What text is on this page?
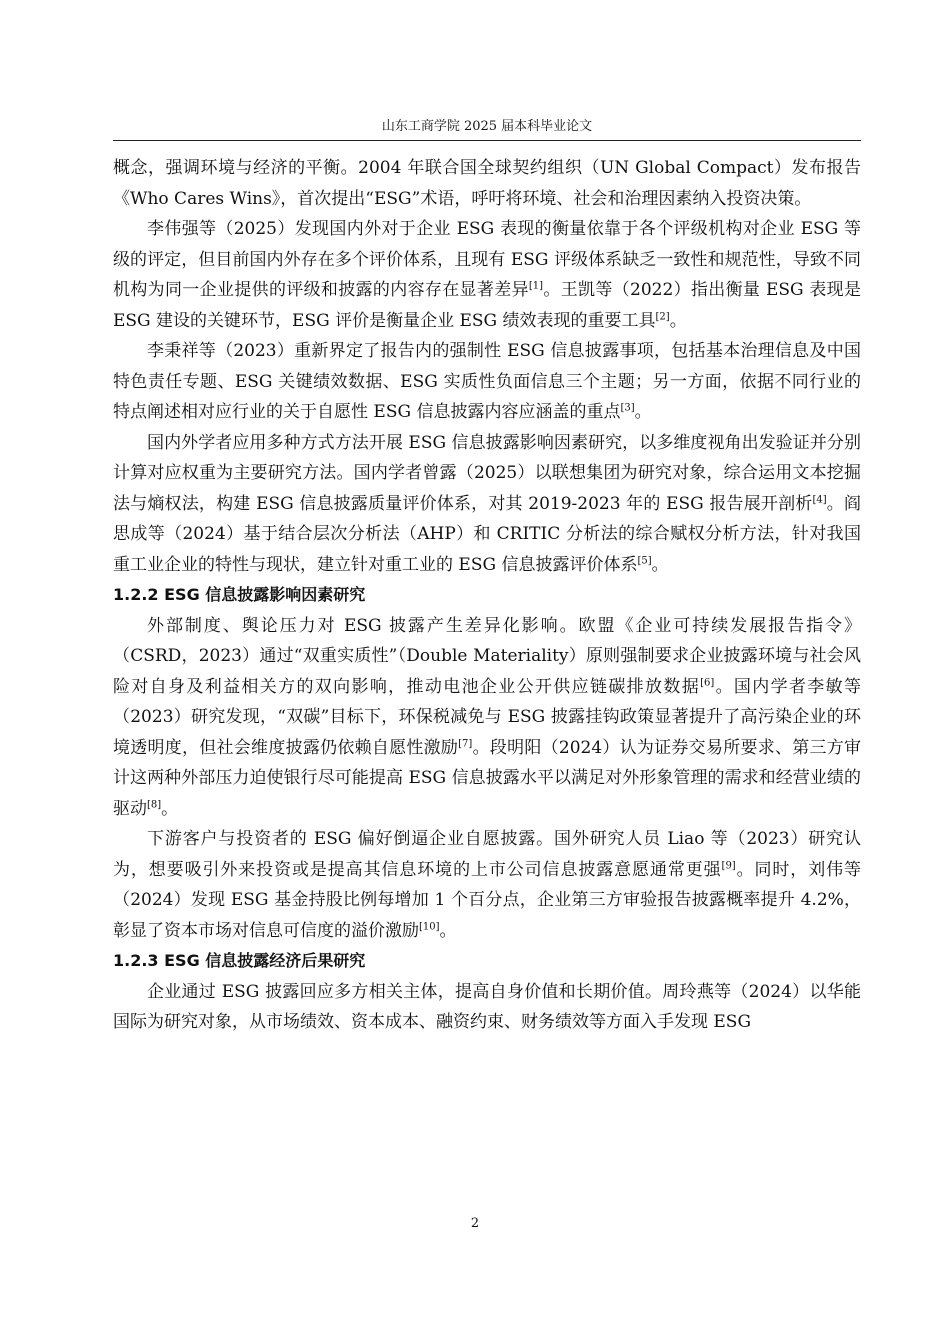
山东工商学院 2025 届本科毕业论文

概念，强调环境与经济的平衡。2004 年联合国全球契约组织（UN Global Compact）发布报告《Who Cares Wins》，首次提出“ESG”术语，呼吁将环境、社会和治理因素纳入投资决策。

李伟强等（2025）发现国内外对于企业 ESG 表现的衡量依靠于各个评级机构对企业 ESG 等级的评定，但目前国内外存在多个评价体系，且现有 ESG 评级体系缺乏一致性和规范性，导致不同机构为同一企业提供的评级和披露的内容存在显著差异[1]。王凯等（2022）指出衡量 ESG 表现是 ESG 建设的关键环节，ESG 评价是衡量企业 ESG 绩效表现的重要工具[2]。

李秉祥等（2023）重新界定了报告内的强制性 ESG 信息披露事项，包括基本治理信息及中国特色责任专题、ESG 关键绩效数据、ESG 实质性负面信息三个主题；另一方面，依据不同行业的特点阐述相对应行业的关于自愿性 ESG 信息披露内容应涵盖的重点[3]。

国内外学者应用多种方式方法开展 ESG 信息披露影响因素研究，以多维度视角出发验证并分别计算对应权重为主要研究方法。国内学者曾露（2025）以联想集团为研究对象，综合运用文本挖掘法与熵权法，构建 ESG 信息披露质量评价体系，对其 2019-2023 年的 ESG 报告展开剖析[4]。阎思成等（2024）基于结合层次分析法（AHP）和 CRITIC 分析法的综合赋权分析方法，针对我国重工业企业的特性与现状，建立针对重工业的 ESG 信息披露评价体系[5]。

1.2.2 ESG 信息披露影响因素研究

外部制度、舆论压力对 ESG 披露产生差异化影响。欧盟《企业可持续发展报告指令》（CSRD，2023）通过“双重实质性”（Double Materiality）原则强制要求企业披露环境与社会风险对自身及利益相关方的双向影响，推动电池企业公开供应链碳排放数据[6]。国内学者李敏等（2023）研究发现，“双碳”目标下，环保税减免与 ESG 披露挂钩政策显著提升了高污染企业的环境透明度，但社会维度披露仍依赖自愿性激励[7]。段明阳（2024）认为证券交易所要求、第三方审计这两种外部压力迫使银行尽可能提高 ESG 信息披露水平以满足对外形象管理的需求和经营业绩的驱动[8]。

下游客户与投资者的 ESG 偏好倒逼企业自愿披露。国外研究人员 Liao 等（2023）研究认为，想要吸引外来投资或是提高其信息环境的上市公司信息披露意愿通常更强[9]。同时，刘伟等（2024）发现 ESG 基金持股比例每增加 1 个百分点，企业第三方审验报告披露概率提升 4.2%，彰显了资本市场对信息可信度的溢价激励[10]。

1.2.3 ESG 信息披露经济后果研究

企业通过 ESG 披露回应多方相关主体，提高自身价值和长期价值。周玲燕等（2024）以华能国际为研究对象，从市场绩效、资本成本、融资约束、财务绩效等方面入手发现 ESG

2
